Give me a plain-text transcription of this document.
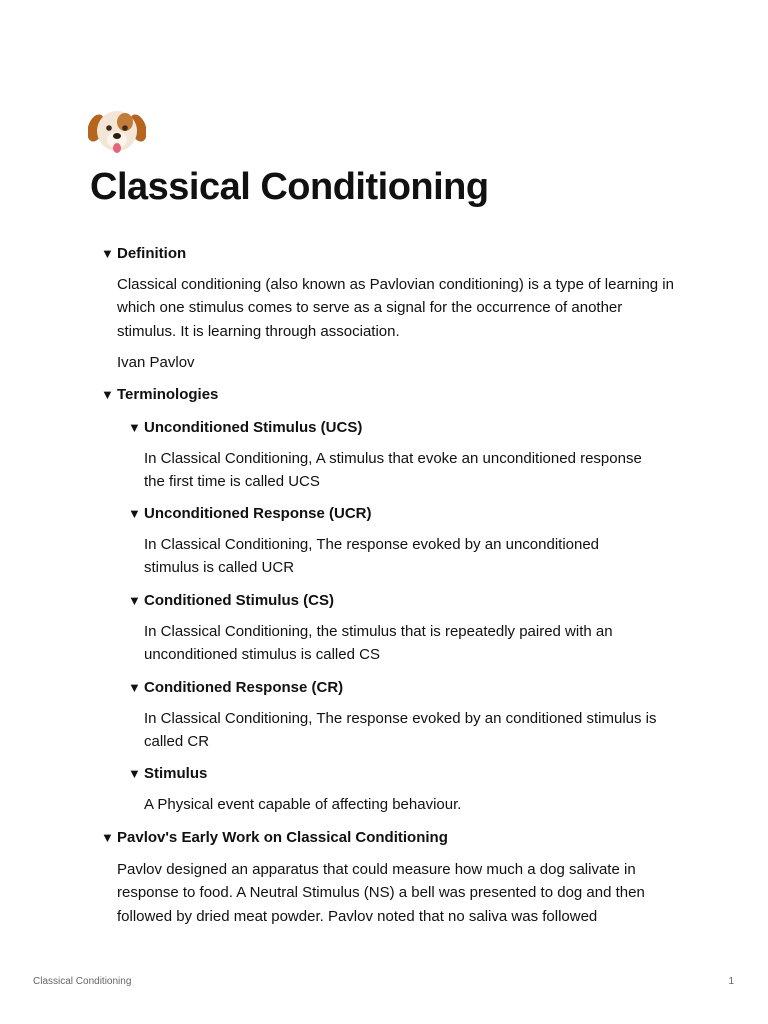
Classical Conditioning
▼ Definition

Classical conditioning (also known as Pavlovian conditioning) is a type of learning in which one stimulus comes to serve as a signal for the occurrence of another stimulus. It is learning through association.

Ivan Pavlov

▼ Terminologies
▼ Unconditioned Stimulus (UCS)

In Classical Conditioning, A stimulus that evoke an unconditioned response the first time is called UCS

▼ Unconditioned Response (UCR)

In Classical Conditioning, The response evoked by an unconditioned stimulus is called UCR

▼ Conditioned Stimulus (CS)

In Classical Conditioning, the stimulus that is repeatedly paired with an unconditioned stimulus is called CS

▼ Conditioned Response (CR)

In Classical Conditioning, The response evoked by an conditioned stimulus is called CR

▼ Stimulus

A Physical event capable of affecting behaviour.

▼ Pavlov's Early Work on Classical Conditioning

Pavlov designed an apparatus that could measure how much a dog salivate in response to food. A Neutral Stimulus (NS) a bell was presented to dog and then followed by dried meat powder. Pavlov noted that no saliva was followed

Classical Conditioning	1
